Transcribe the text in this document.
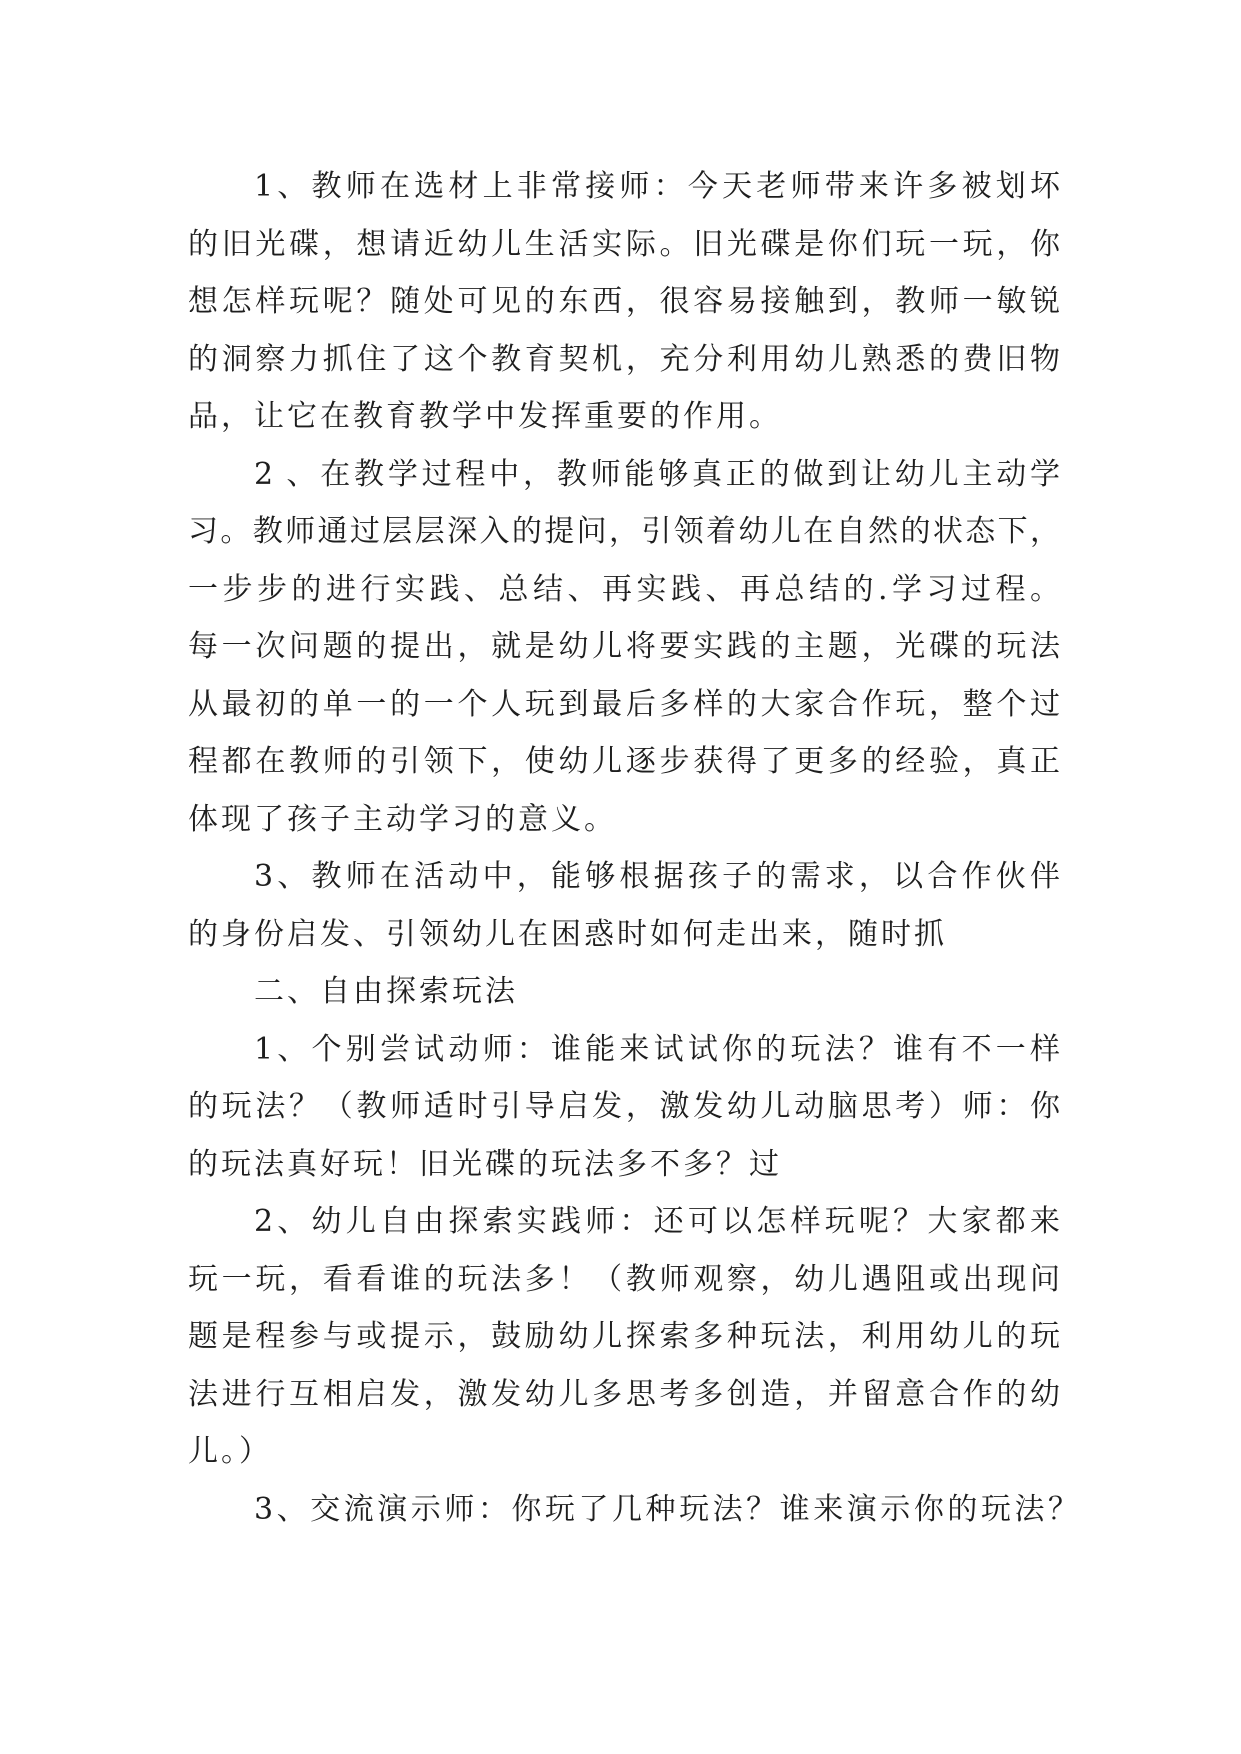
1、教师在选材上非常接师：今天老师带来许多被划坏
的旧光碟，想请近幼儿生活实际。旧光碟是你们玩一玩，你
想怎样玩呢？随处可见的东西，很容易接触到，教师一敏锐
的洞察力抓住了这个教育契机，充分利用幼儿熟悉的费旧物
品，让它在教育教学中发挥重要的作用。
2 、在教学过程中，教师能够真正的做到让幼儿主动学
习。教师通过层层深入的提问，引领着幼儿在自然的状态下，
一步步的进行实践、总结、再实践、再总结的.学习过程。
每一次问题的提出，就是幼儿将要实践的主题，光碟的玩法
从最初的单一的一个人玩到最后多样的大家合作玩，整个过
程都在教师的引领下，使幼儿逐步获得了更多的经验，真正
体现了孩子主动学习的意义。
3、教师在活动中，能够根据孩子的需求，以合作伙伴
的身份启发、引领幼儿在困惑时如何走出来，随时抓
二、自由探索玩法
1、个别尝试动师：谁能来试试你的玩法？谁有不一样
的玩法？（教师适时引导启发，激发幼儿动脑思考）师：你
的玩法真好玩！旧光碟的玩法多不多？过
2、幼儿自由探索实践师：还可以怎样玩呢？大家都来
玩一玩，看看谁的玩法多！（教师观察，幼儿遇阻或出现问
题是程参与或提示，鼓励幼儿探索多种玩法，利用幼儿的玩
法进行互相启发，激发幼儿多思考多创造，并留意合作的幼
儿。）
3、交流演示师：你玩了几种玩法？谁来演示你的玩法？
